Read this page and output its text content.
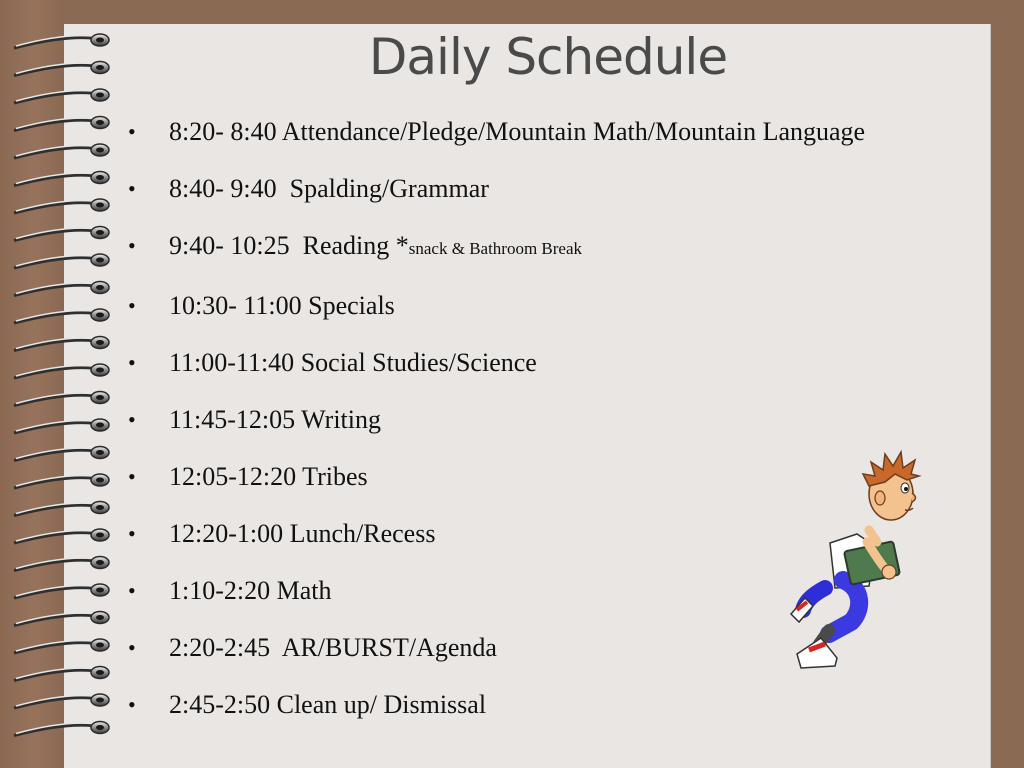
Daily Schedule
• 8:20- 8:40 Attendance/Pledge/Mountain Math/Mountain Language
• 8:40- 9:40 Spalding/Grammar
• 9:40- 10:25 Reading *snack & Bathroom Break
• 10:30- 11:00 Specials
• 11:00-11:40 Social Studies/Science
• 11:45-12:05 Writing
• 12:05-12:20 Tribes
• 12:20-1:00 Lunch/Recess
• 1:10-2:20 Math
• 2:20-2:45 AR/BURST/Agenda
• 2:45-2:50 Clean up/ Dismissal
